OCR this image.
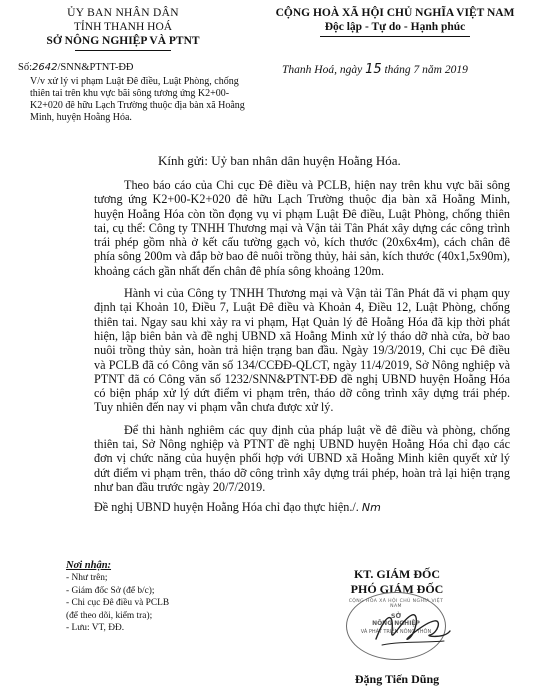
ỦY BAN NHÂN DÂN
TỈNH THANH HOÁ
SỞ NÔNG NGHIỆP VÀ PTNT
CỘNG HOÀ XÃ HỘI CHỦ NGHĨA VIỆT NAM
Độc lập - Tự do - Hạnh phúc
Số:2642/SNN&PTNT-ĐĐ
V/v xử lý vi phạm Luật Đê điều, Luật Phòng, chống thiên tai trên khu vực bãi sông tương ứng K2+00-K2+020 đê hữu Lạch Trường thuộc địa bàn xã Hoằng Minh, huyện Hoằng Hóa.
Thanh Hoá, ngày 15 tháng 7 năm 2019
Kính gửi: Uỷ ban nhân dân huyện Hoằng Hóa.

Theo báo cáo của Chi cục Đê điều và PCLB, hiện nay trên khu vực bãi sông tương ứng K2+00-K2+020 đê hữu Lạch Trường thuộc địa bàn xã Hoằng Minh, huyện Hoằng Hóa còn tồn đọng vụ vi phạm Luật Đê điều, Luật Phòng, chống thiên tai, cụ thể: Công ty TNHH Thương mại và Vận tải Tân Phát xây dựng các công trình trái phép gồm nhà ở kết cấu tường gạch vỏ, kích thước (20x6x4m), cách chân đê phía sông 200m và đắp bờ bao đê nuôi trồng thủy, hải sản, kích thước (40x1,5x90m), khoảng cách gần nhất đến chân đê phía sông khoảng 120m.

Hành vi của Công ty TNHH Thương mại và Vận tải Tân Phát đã vi phạm quy định tại Khoản 10, Điều 7, Luật Đê điều và Khoản 4, Điều 12, Luật Phòng, chống thiên tai. Ngay sau khi xảy ra vi phạm, Hạt Quản lý đê Hoằng Hóa đã kịp thời phát hiện, lập biên bản và đề nghị UBND xã Hoằng Minh xử lý tháo dỡ nhà cửa, bờ bao nuôi trồng thủy sản, hoàn trả hiện trạng ban đầu. Ngày 19/3/2019, Chi cục Đê điều và PCLB đã có Công văn số 134/CCĐĐ-QLCT, ngày 11/4/2019, Sở Nông nghiệp và PTNT đã có Công văn số 1232/SNN&PTNT-ĐĐ đề nghị UBND huyện Hoằng Hóa có biện pháp xử lý dứt điểm vi phạm trên, tháo dỡ công trình xây dựng trái phép. Tuy nhiên đến nay vi phạm vẫn chưa được xử lý.

Để thi hành nghiêm các quy định của pháp luật về đê điều và phòng, chống thiên tai, Sở Nông nghiệp và PTNT đề nghị UBND huyện Hoằng Hóa chỉ đạo các đơn vị chức năng của huyện phối hợp với UBND xã Hoằng Minh kiên quyết xử lý dứt điểm vi phạm trên, tháo dỡ công trình xây dựng trái phép, hoàn trả lại hiện trạng như ban đầu trước ngày 20/7/2019.

Đề nghị UBND huyện Hoằng Hóa chỉ đạo thực hiện./. Nm

Nơi nhận:
- Như trên;
- Giám đốc Sở (để b/c);
- Chi cục Đê điều và PCLB
(để theo dõi, kiểm tra);
- Lưu: VT, ĐĐ.
KT. GIÁM ĐỐC
PHÓ GIÁM ĐỐC
CỘNG HÒA XÃ HỘI CHỦ NGHĨA VIỆT NAM
SỞ
NÔNG NGHIỆP
VÀ PHÁT TRIỂN NÔNG THÔN
Đặng Tiến Dũng
